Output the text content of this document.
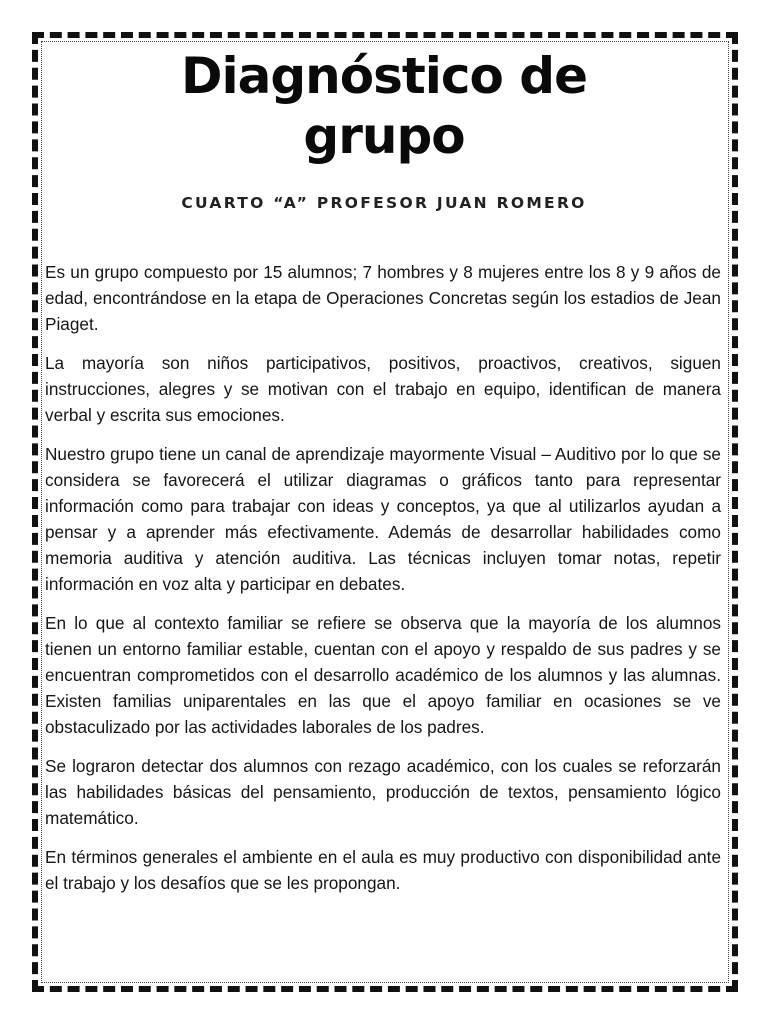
Diagnóstico de
grupo
CUARTO “A” PROFESOR JUAN ROMERO

Es un grupo compuesto por 15 alumnos; 7 hombres y 8 mujeres entre los 8 y 9 años de edad, encontrándose en la etapa de Operaciones Concretas según los estadios de Jean Piaget.

La mayoría son niños participativos, positivos, proactivos, creativos, siguen instrucciones, alegres y se motivan con el trabajo en equipo, identifican de manera verbal y escrita sus emociones.

Nuestro grupo tiene un canal de aprendizaje mayormente Visual – Auditivo por lo que se considera se favorecerá el utilizar diagramas o gráficos tanto para representar información como para trabajar con ideas y conceptos, ya que al utilizarlos ayudan a pensar y a aprender más efectivamente. Además de desarrollar habilidades como memoria auditiva y atención auditiva. Las técnicas incluyen tomar notas, repetir información en voz alta y participar en debates.

En lo que al contexto familiar se refiere se observa que la mayoría de los alumnos tienen un entorno familiar estable, cuentan con el apoyo y respaldo de sus padres y se encuentran comprometidos con el desarrollo académico de los alumnos y las alumnas. Existen familias uniparentales en las que el apoyo familiar en ocasiones se ve obstaculizado por las actividades laborales de los padres.

Se lograron detectar dos alumnos con rezago académico, con los cuales se reforzarán las habilidades básicas del pensamiento, producción de textos, pensamiento lógico matemático.

En términos generales el ambiente en el aula es muy productivo con disponibilidad ante el trabajo y los desafíos que se les propongan.
